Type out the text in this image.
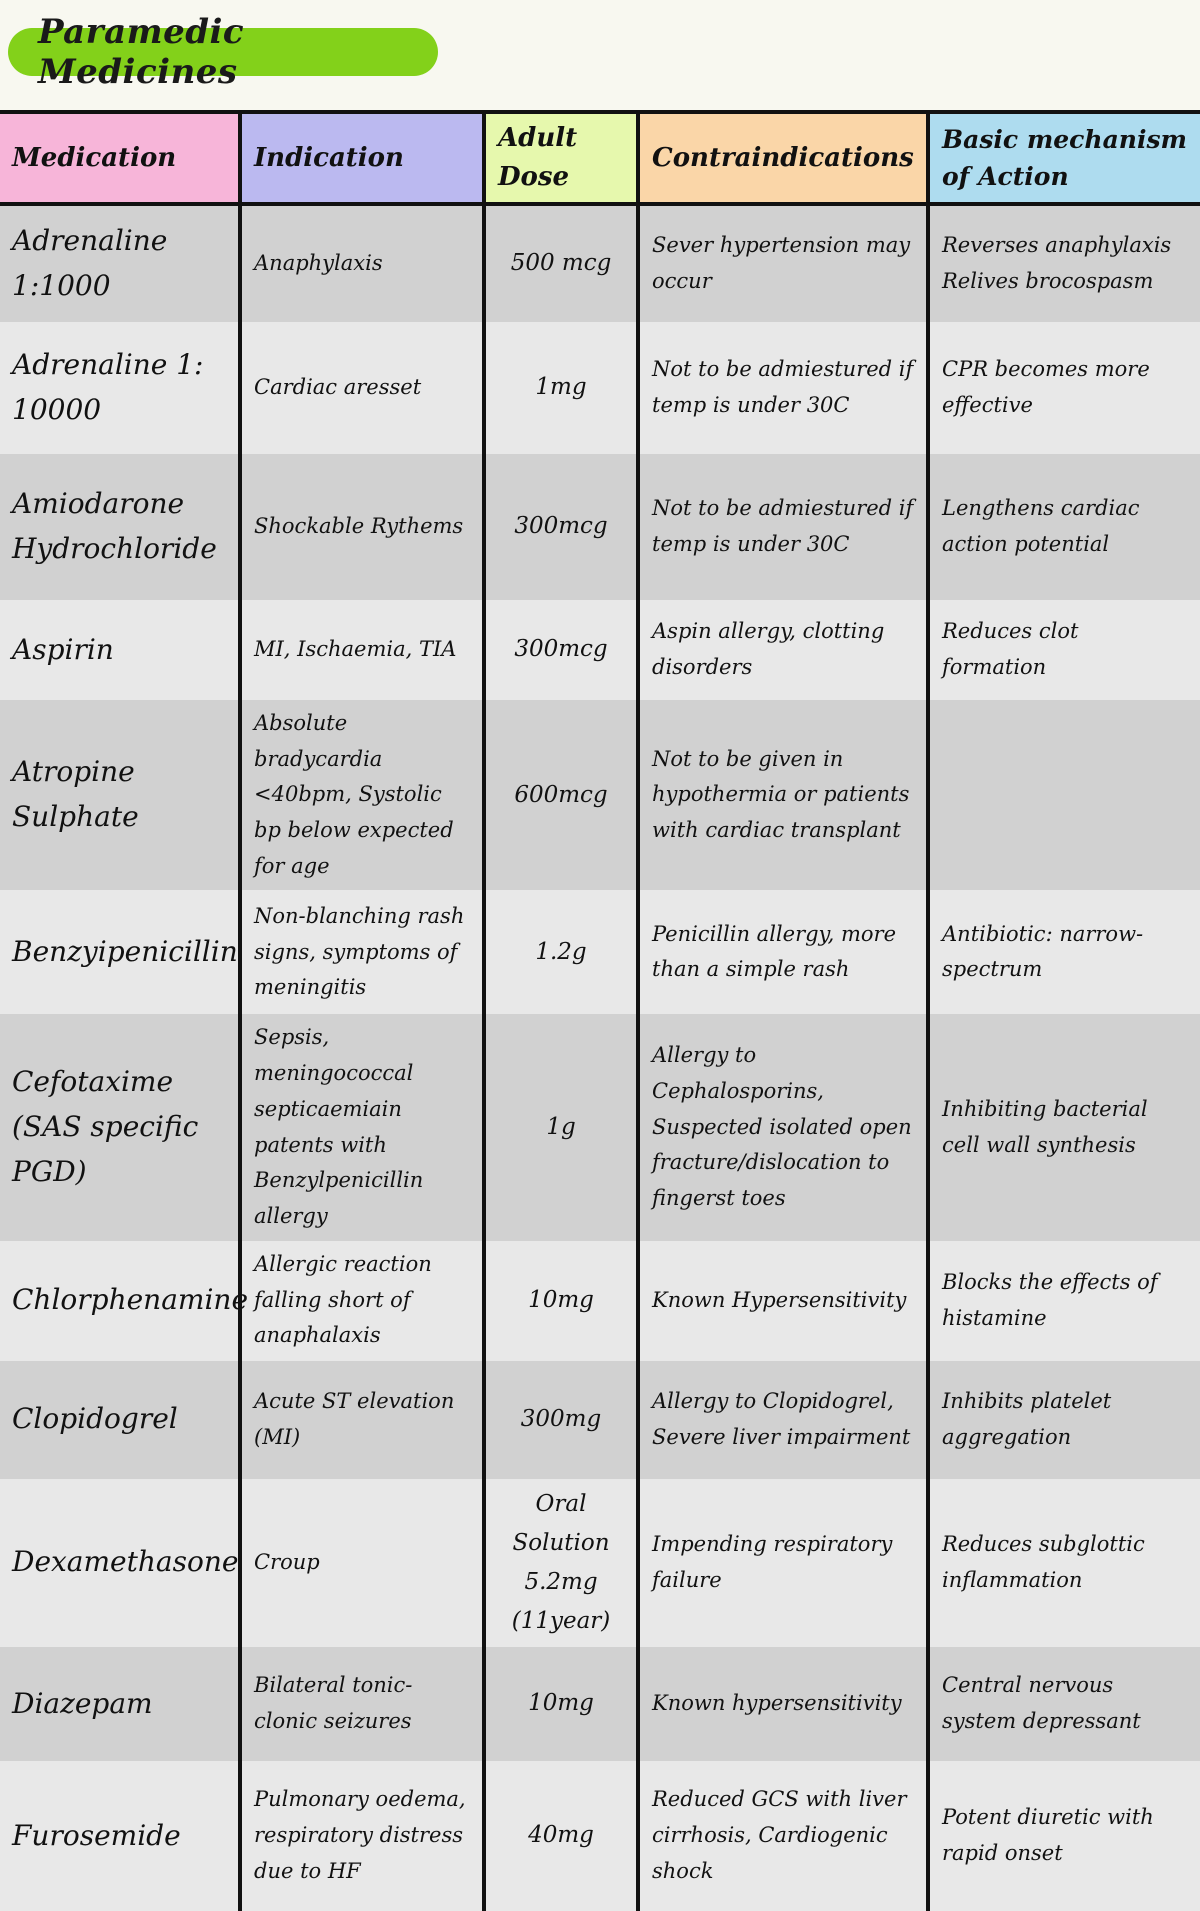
Paramedic Medicines
Medication	Indication	Adult Dose	Contraindications	Basic mechanism of Action
Adrenaline 1:1000	Anaphylaxis	500 mcg	Sever hypertension may occur	Reverses anaphylaxis Relives brocospasm
Adrenaline 1: 10000	Cardiac aresset	1mg	Not to be admiestured if temp is under 30C	CPR becomes more effective
Amiodarone Hydrochloride	Shockable Rythems	300mcg	Not to be admiestured if temp is under 30C	Lengthens cardiac action potential
Aspirin	MI, Ischaemia, TIA	300mcg	Aspin allergy, clotting disorders	Reduces clot formation
Atropine Sulphate	Absolute bradycardia <40bpm, Systolic bp below expected for age	600mcg	Not to be given in hypothermia or patients with cardiac transplant	
Benzyipenicillin	Non-blanching rash signs, symptoms of meningitis	1.2g	Penicillin allergy, more than a simple rash	Antibiotic: narrow-spectrum
Cefotaxime (SAS specific PGD)	Sepsis, meningococcal septicaemiain patents with Benzylpenicillin allergy	1g	Allergy to Cephalosporins, Suspected isolated open fracture/dislocation to fingerst toes	Inhibiting bacterial cell wall synthesis
Chlorphenamine	Allergic reaction falling short of anaphalaxis	10mg	Known Hypersensitivity	Blocks the effects of histamine
Clopidogrel	Acute ST elevation (MI)	300mg	Allergy to Clopidogrel, Severe liver impairment	Inhibits platelet aggregation
Dexamethasone	Croup	Oral Solution 5.2mg (11year)	Impending respiratory failure	Reduces subglottic inflammation
Diazepam	Bilateral tonic-clonic seizures	10mg	Known hypersensitivity	Central nervous system depressant
Furosemide	Pulmonary oedema, respiratory distress due to HF	40mg	Reduced GCS with liver cirrhosis, Cardiogenic shock	Potent diuretic with rapid onset
